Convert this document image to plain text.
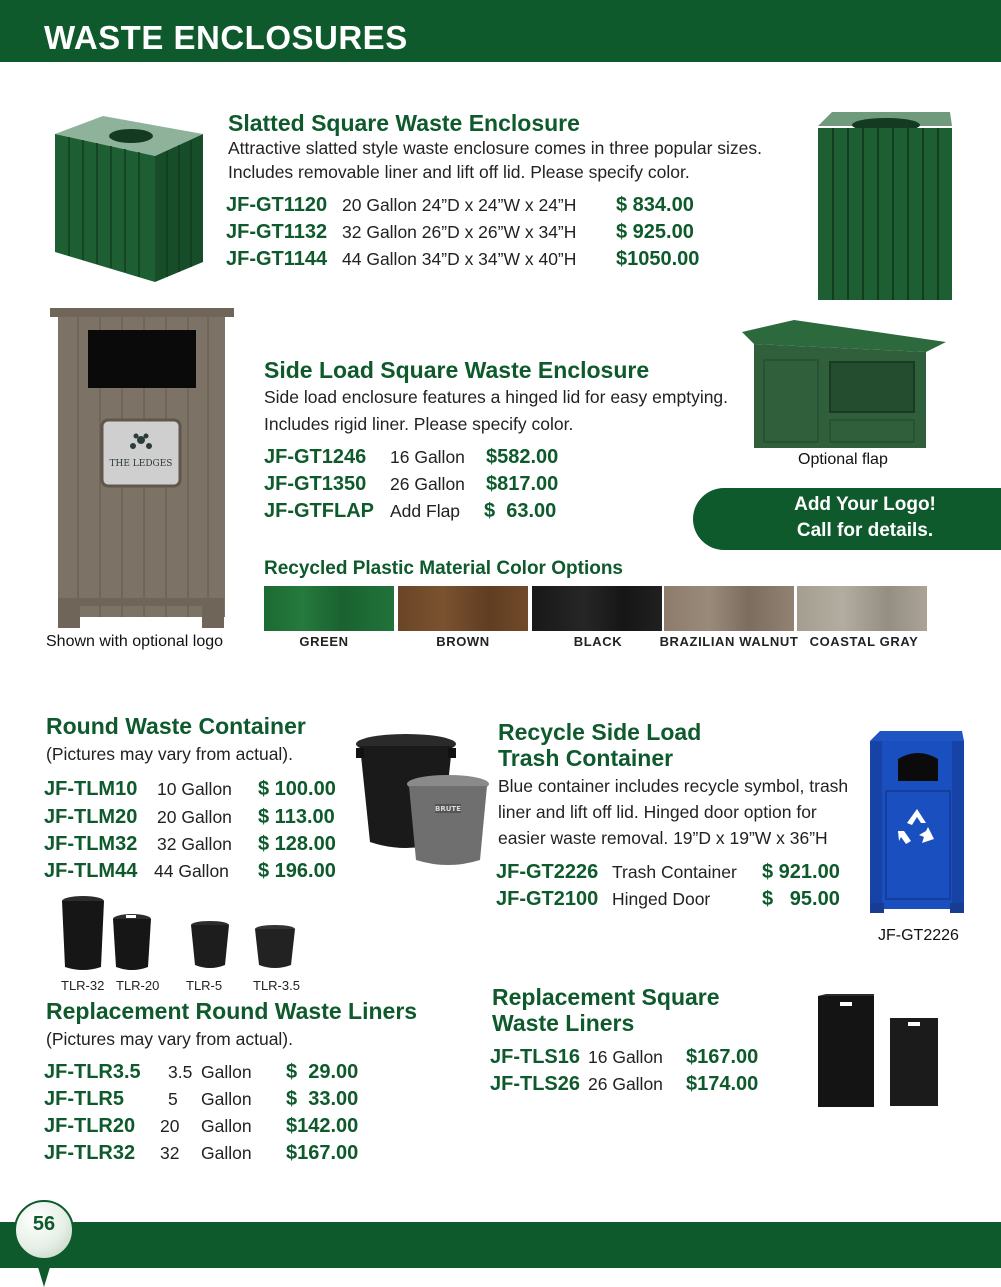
WASTE ENCLOSURES
Slatted Square Waste Enclosure
Attractive slatted style waste enclosure comes in three popular sizes.
Includes removable liner and lift off lid. Please specify color.
JF-GT1120 20 Gallon 24”D x 24”W x 24”H $ 834.00
JF-GT1132 32 Gallon 26”D x 26”W x 34”H $ 925.00
JF-GT1144 44 Gallon 34”D x 34”W x 40”H $1050.00
THE LEDGES
Shown with optional logo
Side Load Square Waste Enclosure
Side load enclosure features a hinged lid for easy emptying.
Includes rigid liner. Please specify color.
JF-GT1246 16 Gallon $582.00
JF-GT1350 26 Gallon $817.00
JF-GTFLAP Add Flap $  63.00
Optional flap
Add Your Logo!
Call for details.
Recycled Plastic Material Color Options
GREEN	BROWN	BLACK	BRAZILIAN WALNUT COASTAL GRAY
Round Waste Container
(Pictures may vary from actual).
JF-TLM10 10 Gallon $ 100.00
JF-TLM20 20 Gallon $ 113.00
JF-TLM32 32 Gallon $ 128.00
JF-TLM44 44 Gallon $ 196.00
BRUTE
TLR-32 TLR-20 TLR-5 TLR-3.5
Replacement Round Waste Liners
(Pictures may vary from actual).
JF-TLR3.5 3.5 Gallon $  29.00
JF-TLR5	5 Gallon $  33.00
JF-TLR20 20 Gallon $142.00
JF-TLR32 32 Gallon $167.00
Recycle Side Load
Trash Container
Blue container includes recycle symbol, trash
liner and lift off lid. Hinged door option for
easier waste removal. 19”D x 19”W x 36”H
JF-GT2226 Trash Container $ 921.00
JF-GT2100 Hinged Door	$   95.00
JF-GT2226
Replacement Square
Waste Liners
JF-TLS16 16 Gallon $167.00
JF-TLS26 26 Gallon $174.00
56
